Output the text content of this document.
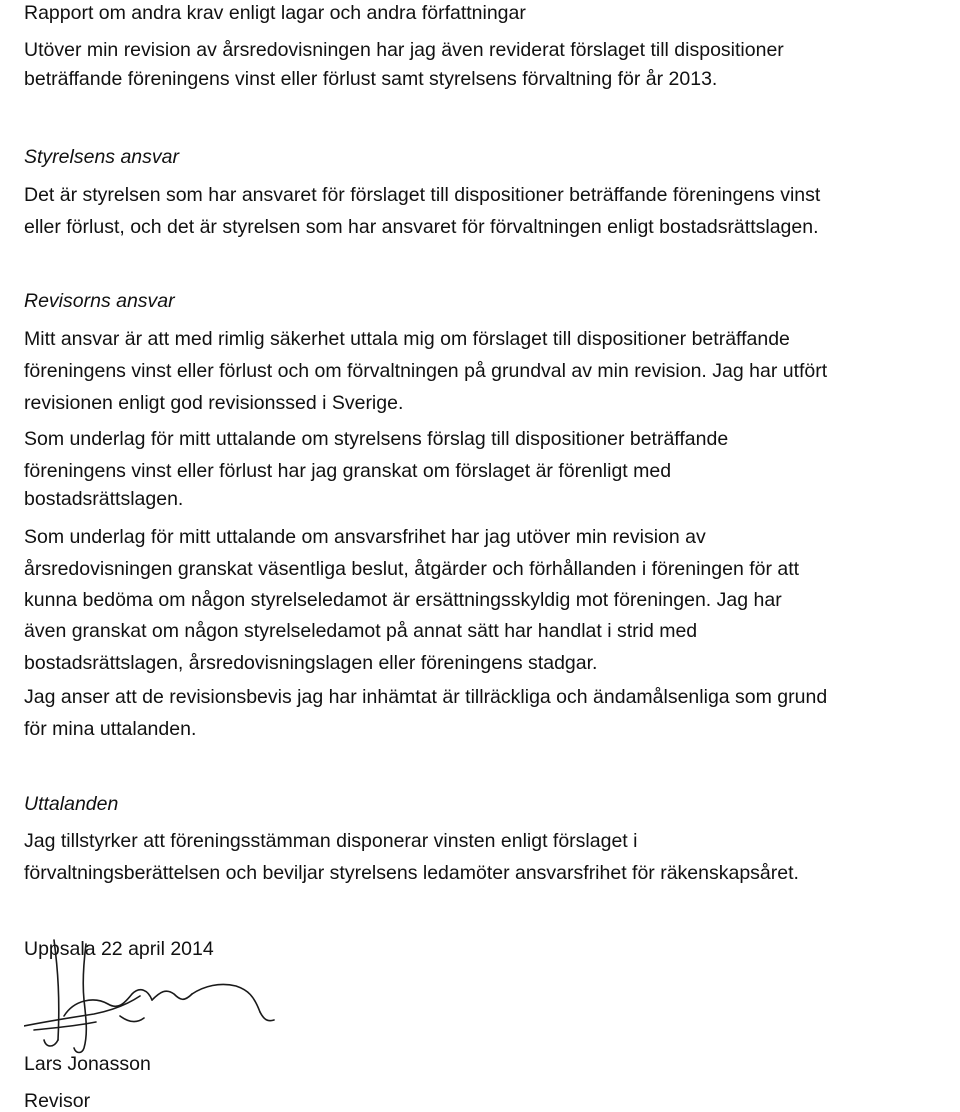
Rapport om andra krav enligt lagar och andra författningar
Utöver min revision av årsredovisningen har jag även reviderat förslaget till dispositioner
beträffande föreningens vinst eller förlust samt styrelsens förvaltning för år 2013.
Styrelsens ansvar
Det är styrelsen som har ansvaret för förslaget till dispositioner beträffande föreningens vinst
eller förlust, och det är styrelsen som har ansvaret för förvaltningen enligt bostadsrättslagen.
Revisorns ansvar
Mitt ansvar är att med rimlig säkerhet uttala mig om förslaget till dispositioner beträffande
föreningens vinst eller förlust och om förvaltningen på grundval av min revision. Jag har utfört
revisionen enligt god revisionssed i Sverige.
Som underlag för mitt uttalande om styrelsens förslag till dispositioner beträffande
föreningens vinst eller förlust har jag granskat om förslaget är förenligt med
bostadsrättslagen.
Som underlag för mitt uttalande om ansvarsfrihet har jag utöver min revision av
årsredovisningen granskat väsentliga beslut, åtgärder och förhållanden i föreningen för att
kunna bedöma om någon styrelseledamot är ersättningsskyldig mot föreningen. Jag har
även granskat om någon styrelseledamot på annat sätt har handlat i strid med
bostadsrättslagen, årsredovisningslagen eller föreningens stadgar.
Jag anser att de revisionsbevis jag har inhämtat är tillräckliga och ändamålsenliga som grund
för mina uttalanden.
Uttalanden
Jag tillstyrker att föreningsstämman disponerar vinsten enligt förslaget i
förvaltningsberättelsen och beviljar styrelsens ledamöter ansvarsfrihet för räkenskapsåret.
Uppsala 22 april 2014
Lars Jonasson
Revisor
